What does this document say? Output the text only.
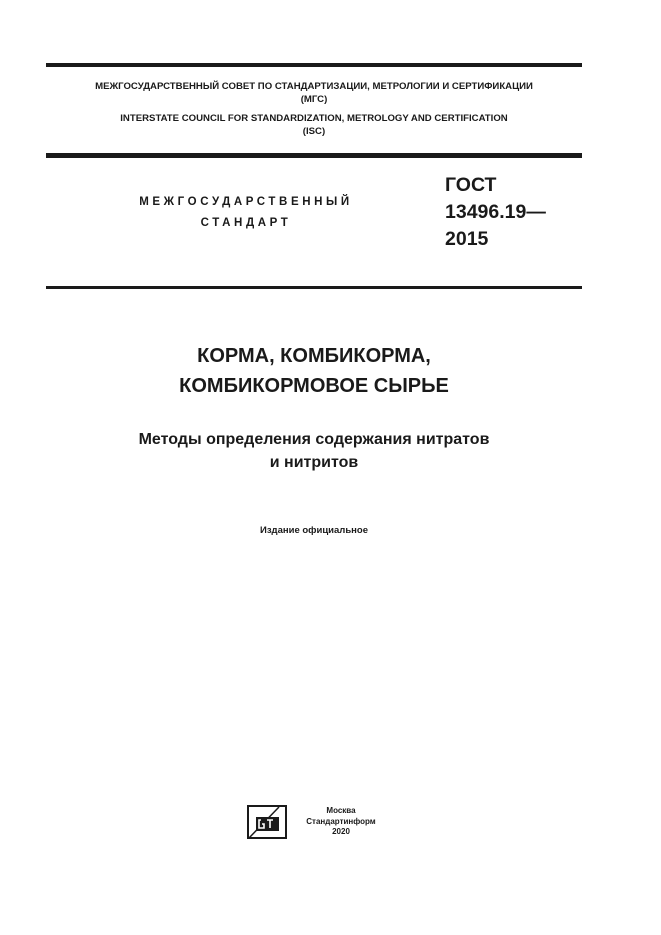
МЕЖГОСУДАРСТВЕННЫЙ СОВЕТ ПО СТАНДАРТИЗАЦИИ, МЕТРОЛОГИИ И СЕРТИФИКАЦИИ
(МГС)
INTERSTATE COUNCIL FOR STANDARDIZATION, METROLOGY AND CERTIFICATION
(ISC)
МЕЖГОСУДАРСТВЕННЫЙ
СТАНДАРТ
ГОСТ
13496.19—
2015
КОРМА, КОМБИКОРМА,
КОМБИКОРМОВОЕ СЫРЬЕ
Методы определения содержания нитратов
и нитритов
Издание официальное
Москва
Стандартинформ
2020
